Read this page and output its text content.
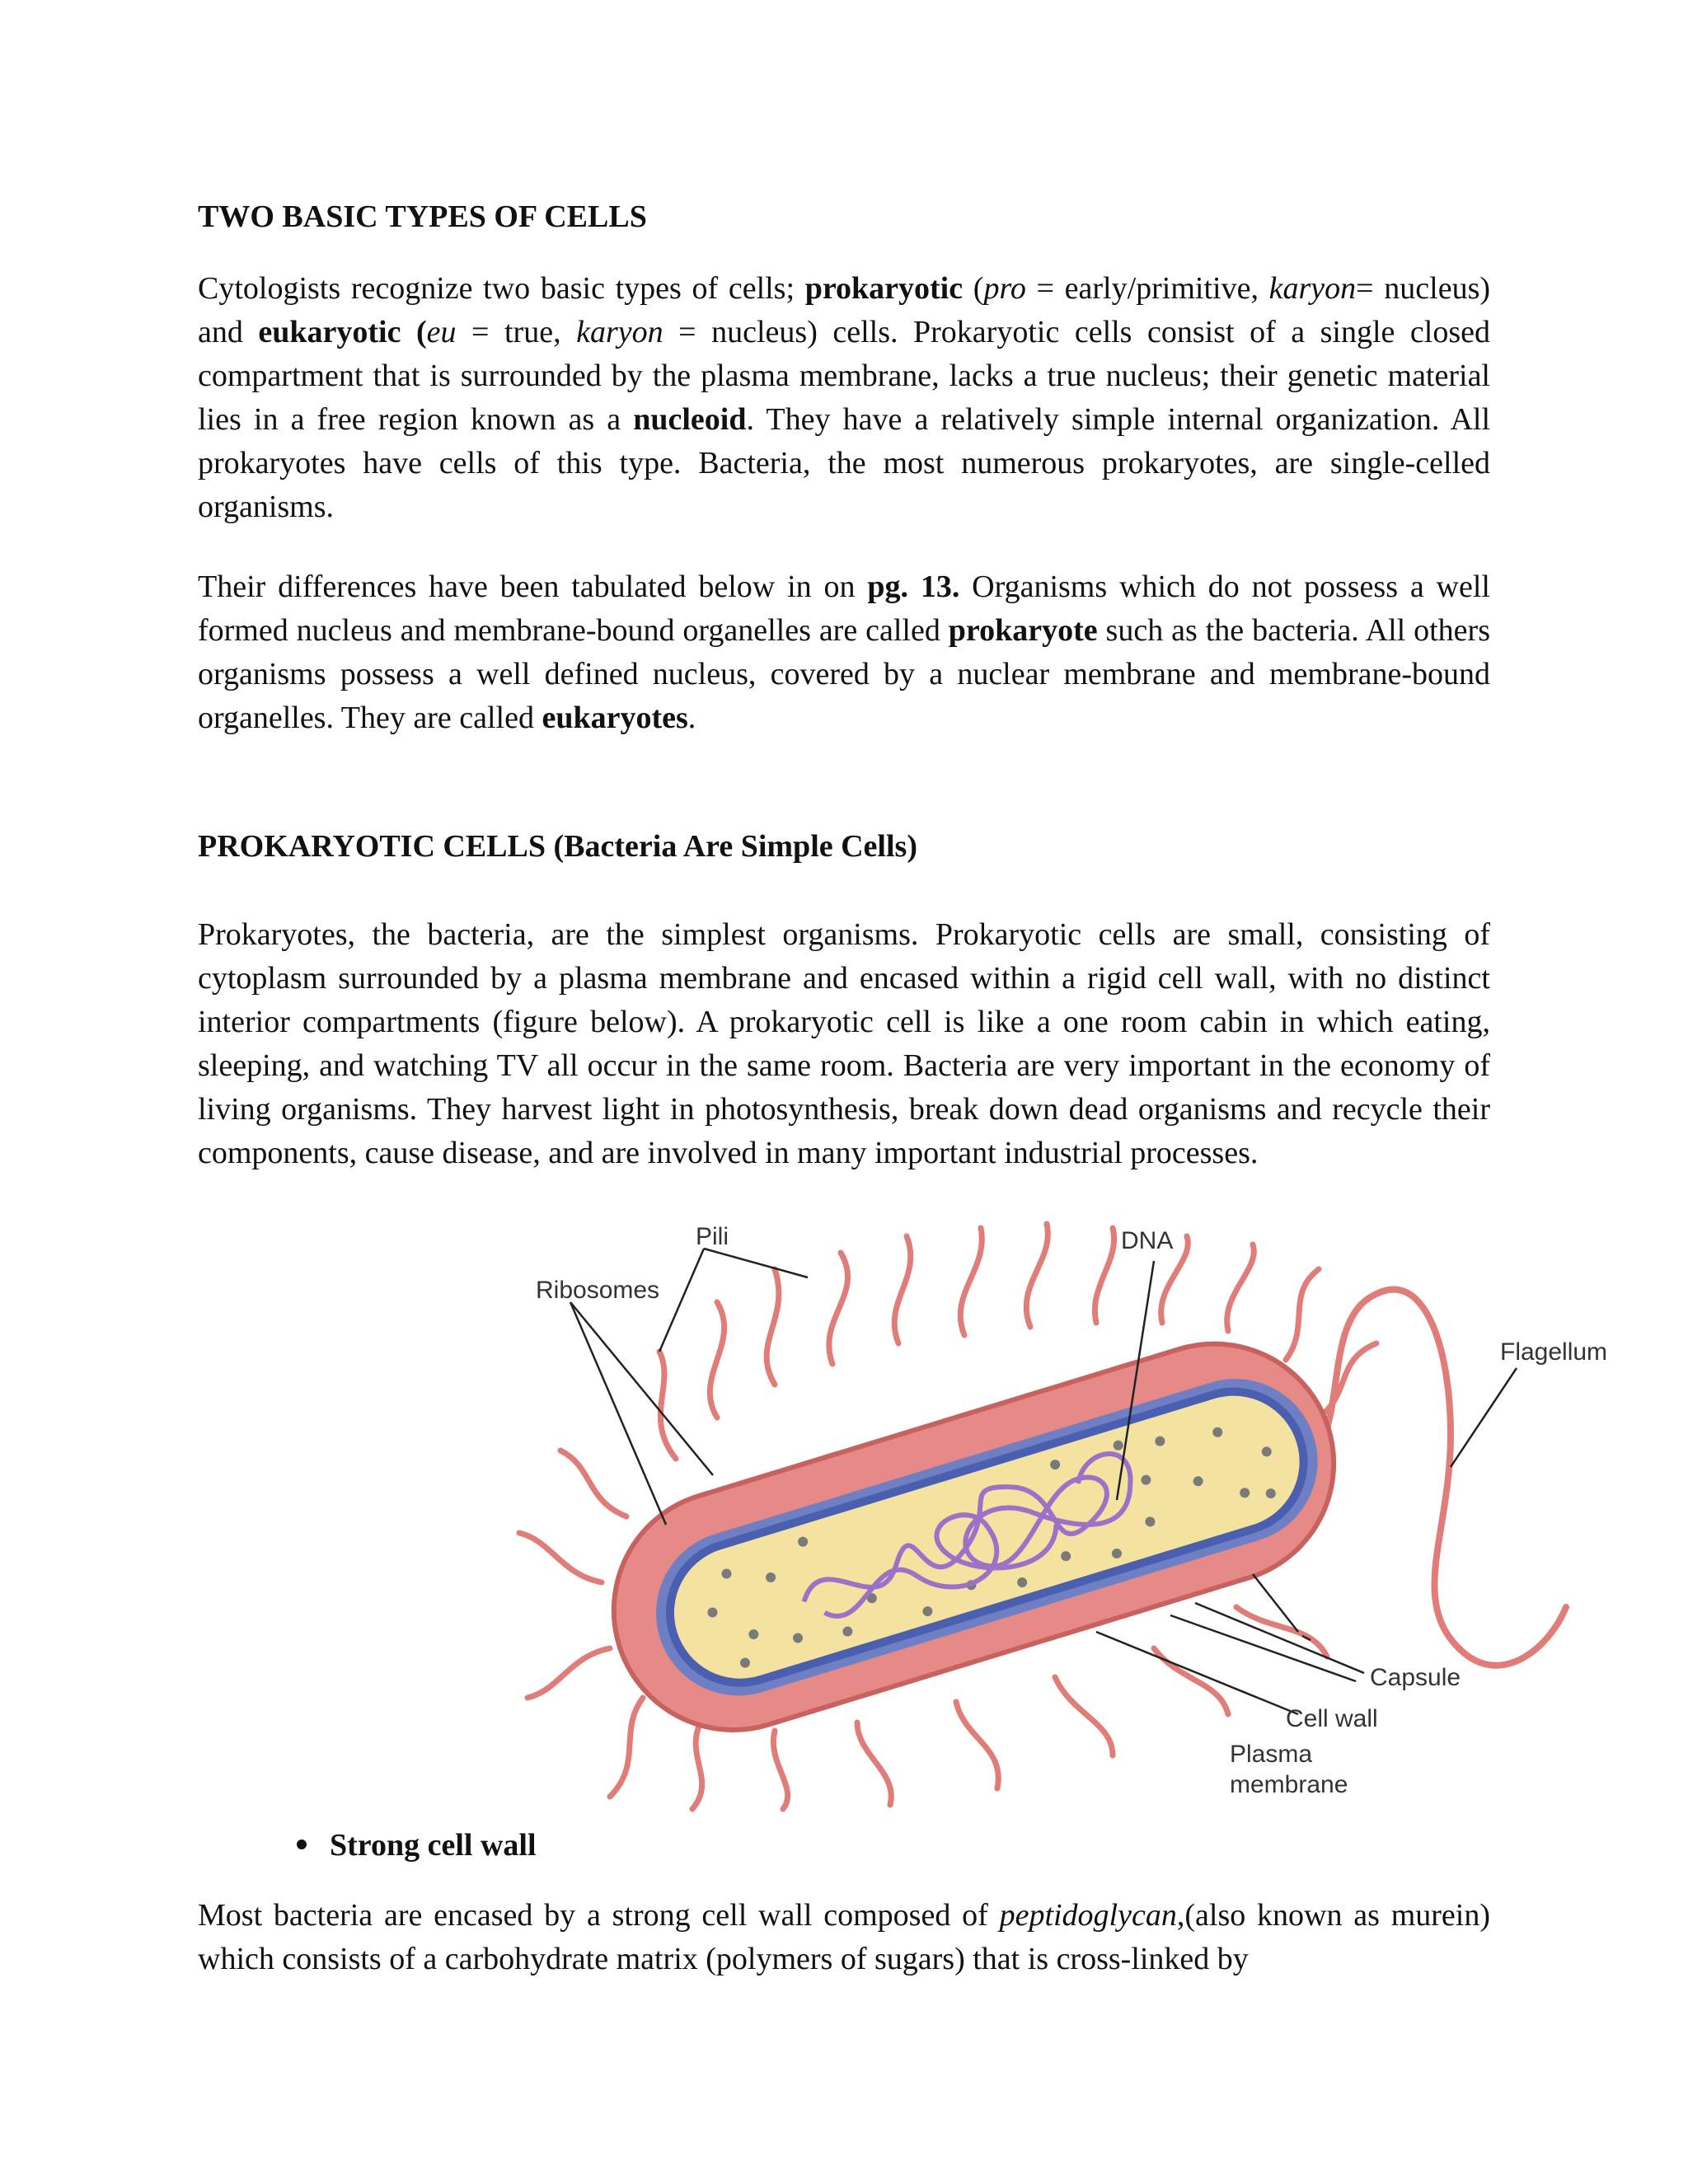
TWO BASIC TYPES OF CELLS
Cytologists recognize two basic types of cells; prokaryotic (pro = early/primitive, karyon= nucleus) and eukaryotic (eu = true, karyon = nucleus) cells. Prokaryotic cells consist of a single closed compartment that is surrounded by the plasma membrane, lacks a true nucleus; their genetic material lies in a free region known as a nucleoid. They have a relatively simple internal organization. All prokaryotes have cells of this type. Bacteria, the most numerous prokaryotes, are single-celled organisms.
Their differences have been tabulated below in on pg. 13. Organisms which do not possess a well formed nucleus and membrane-bound organelles are called prokaryote such as the bacteria. All others organisms possess a well defined nucleus, covered by a nuclear membrane and membrane-bound organelles. They are called eukaryotes.
PROKARYOTIC CELLS (Bacteria Are Simple Cells)
Prokaryotes, the bacteria, are the simplest organisms. Prokaryotic cells are small, consisting of cytoplasm surrounded by a plasma membrane and encased within a rigid cell wall, with no distinct interior compartments (figure below). A prokaryotic cell is like a one room cabin in which eating, sleeping, and watching TV all occur in the same room. Bacteria are very important in the economy of living organisms. They harvest light in photosynthesis, break down dead organisms and recycle their components, cause disease, and are involved in many important industrial processes.
Pili	DNA
Ribosomes
Flagellum
Capsule
Cell wall
Plasma
membrane
Strong cell wall
Most bacteria are encased by a strong cell wall composed of peptidoglycan,(also known as murein) which consists of a carbohydrate matrix (polymers of sugars) that is cross-linked by
